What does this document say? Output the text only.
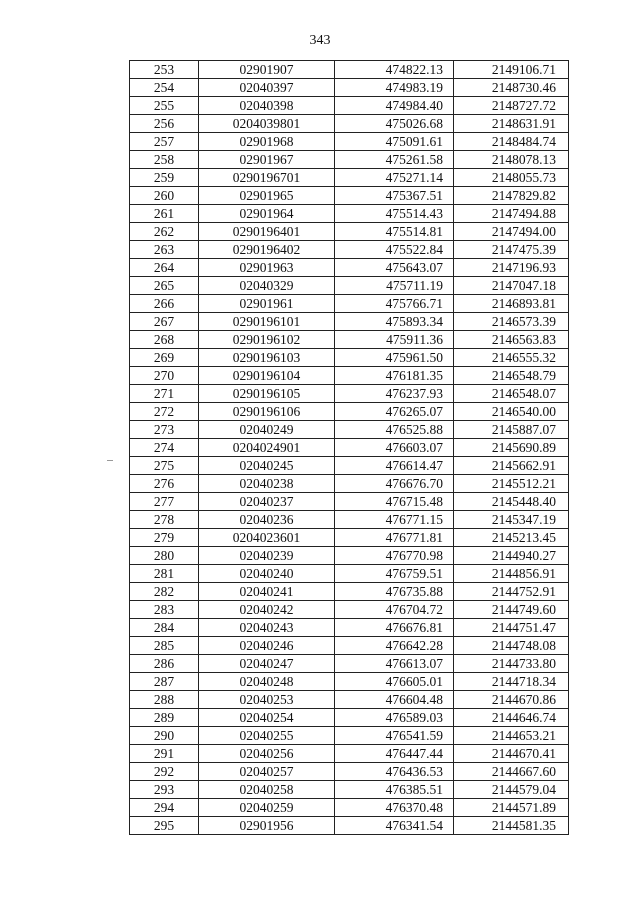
343
253	02901907	474822.13	2149106.71
254	02040397	474983.19	2148730.46
255	02040398	474984.40	2148727.72
256	0204039801	475026.68	2148631.91
257	02901968	475091.61	2148484.74
258	02901967	475261.58	2148078.13
259	0290196701	475271.14	2148055.73
260	02901965	475367.51	2147829.82
261	02901964	475514.43	2147494.88
262	0290196401	475514.81	2147494.00
263	0290196402	475522.84	2147475.39
264	02901963	475643.07	2147196.93
265	02040329	475711.19	2147047.18
266	02901961	475766.71	2146893.81
267	0290196101	475893.34	2146573.39
268	0290196102	475911.36	2146563.83
269	0290196103	475961.50	2146555.32
270	0290196104	476181.35	2146548.79
271	0290196105	476237.93	2146548.07
272	0290196106	476265.07	2146540.00
273	02040249	476525.88	2145887.07
274	0204024901	476603.07	2145690.89
275	02040245	476614.47	2145662.91
276	02040238	476676.70	2145512.21
277	02040237	476715.48	2145448.40
278	02040236	476771.15	2145347.19
279	0204023601	476771.81	2145213.45
280	02040239	476770.98	2144940.27
281	02040240	476759.51	2144856.91
282	02040241	476735.88	2144752.91
283	02040242	476704.72	2144749.60
284	02040243	476676.81	2144751.47
285	02040246	476642.28	2144748.08
286	02040247	476613.07	2144733.80
287	02040248	476605.01	2144718.34
288	02040253	476604.48	2144670.86
289	02040254	476589.03	2144646.74
290	02040255	476541.59	2144653.21
291	02040256	476447.44	2144670.41
292	02040257	476436.53	2144667.60
293	02040258	476385.51	2144579.04
294	02040259	476370.48	2144571.89
295	02901956	476341.54	2144581.35
